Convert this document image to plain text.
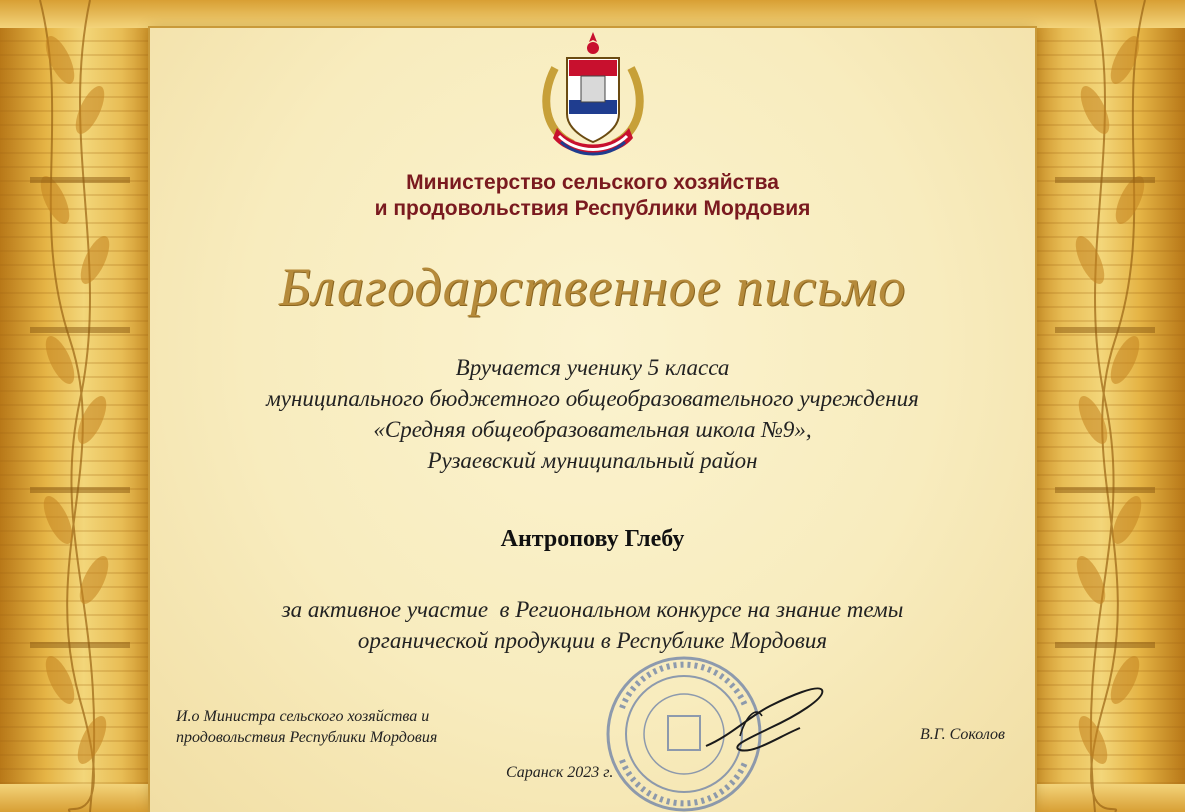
Министерство сельского хозяйства
и продовольствия Республики Мордовия
Благодарственное письмо
Вручается ученику 5 класса
муниципального бюджетного общеобразовательного учреждения
«Средняя общеобразовательная школа №9»,
Рузаевский муниципальный район
Антропову Глебу
за активное участие  в Региональном конкурсе на знание темы
органической продукции в Республике Мордовия
И.о Министра сельского хозяйства и
продовольствия Республики Мордовия	В.Г. Соколов
Саранск 2023 г.
